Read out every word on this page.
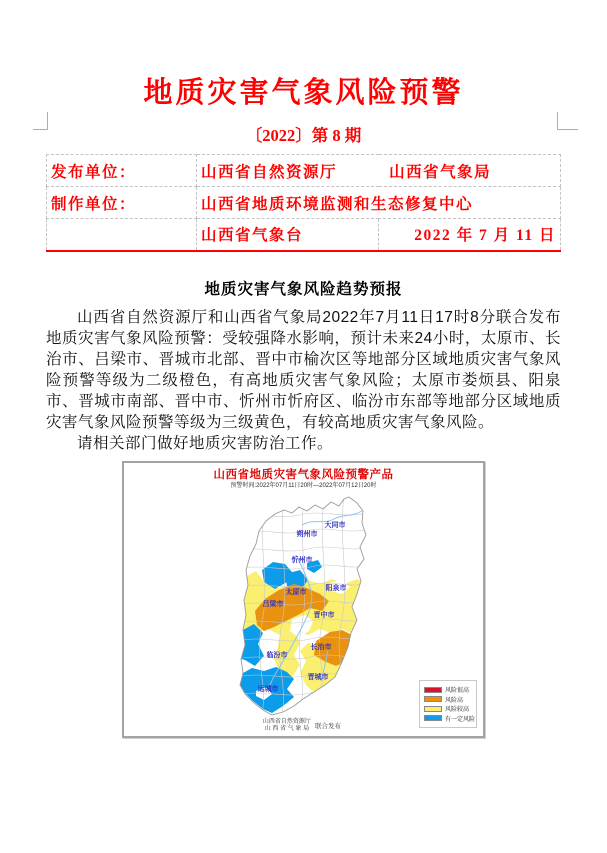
地质灾害气象风险预警
〔2022〕第 8 期
发布单位：	山西省自然资源厅 山西省气象局	
制作单位：	山西省地质环境监测和生态修复中心	
	山西省气象台	2022 年 7 月 11 日
地质灾害气象风险趋势预报

山西省自然资源厅和山西省气象局2022年7月11日17时8分联合发布地质灾害气象风险预警：受较强降水影响，预计未来24小时，太原市、长治市、吕梁市、晋城市北部、晋中市榆次区等地部分区域地质灾害气象风险预警等级为二级橙色，有高地质灾害气象风险；太原市娄烦县、阳泉市、晋城市南部、晋中市、忻州市忻府区、临汾市东部等地部分区域地质灾害气象风险预警等级为三级黄色，有较高地质灾害气象风险。

请相关部门做好地质灾害防治工作。

大同市
朔州市
忻州市
阳泉市
太原市
吕梁市
晋中市
长治市
临汾市
晋城市
运城市
山西省地质灾害气象风险预警产品
预警时间:2022年07月11日20时—2022年07月12日20时
风险很高
风险高
风险较高
有一定风险
山西省自然资源厅
山 西 省 气 象 局 联合发布
